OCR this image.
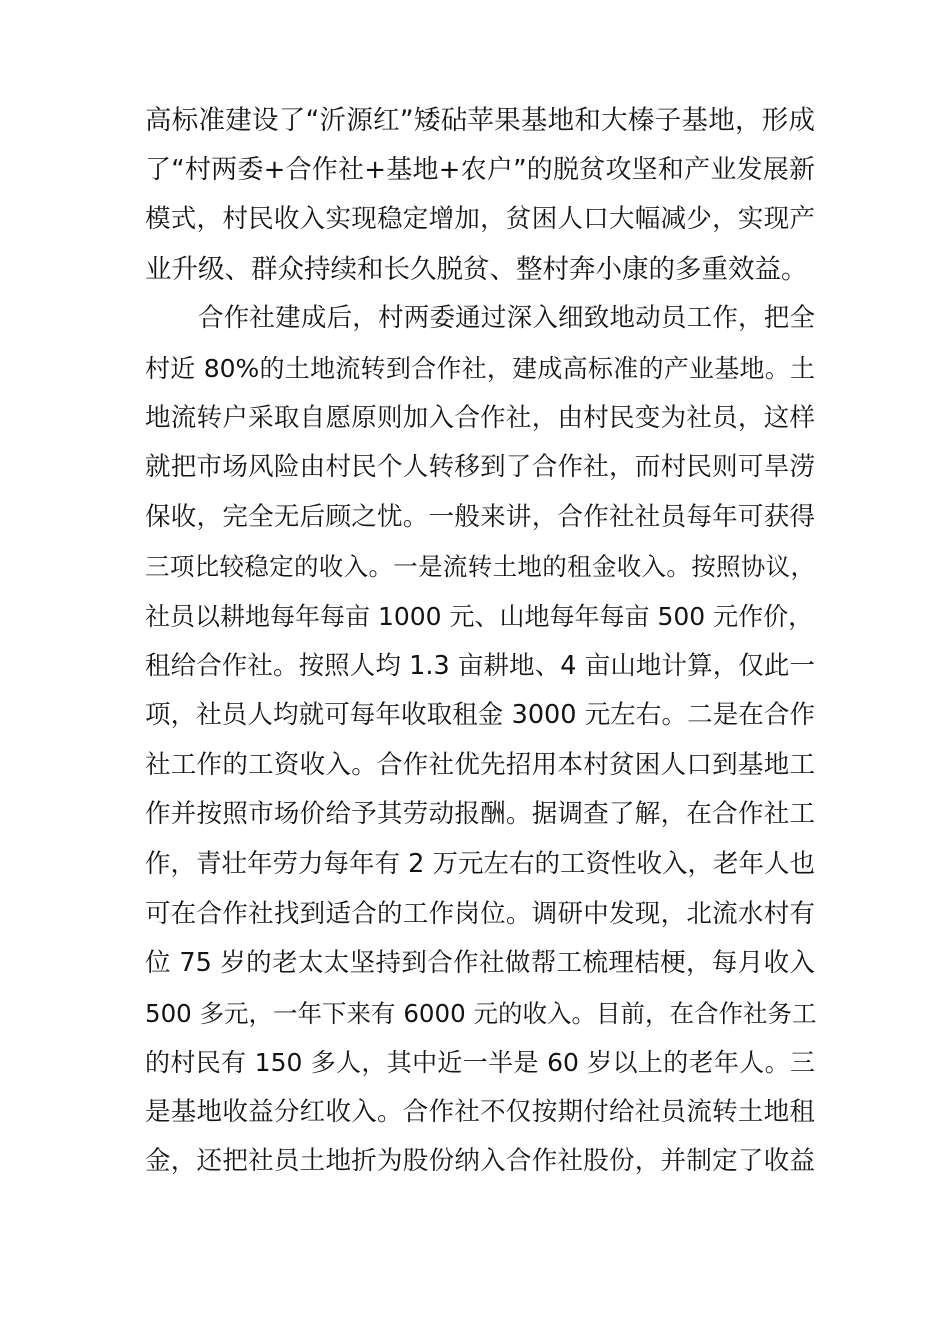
高标准建设了“沂源红”矮砧苹果基地和大榛子基地，形成
了“村两委+合作社+基地+农户”的脱贫攻坚和产业发展新
模式，村民收入实现稳定增加，贫困人口大幅减少，实现产
业升级、群众持续和长久脱贫、整村奔小康的多重效益。
合作社建成后，村两委通过深入细致地动员工作，把全
村近 80%的土地流转到合作社，建成高标准的产业基地。土
地流转户采取自愿原则加入合作社，由村民变为社员，这样
就把市场风险由村民个人转移到了合作社，而村民则可旱涝
保收，完全无后顾之忧。一般来讲，合作社社员每年可获得
三项比较稳定的收入。一是流转土地的租金收入。按照协议，
社员以耕地每年每亩 1000 元、山地每年每亩 500 元作价，
租给合作社。按照人均 1.3 亩耕地、4 亩山地计算，仅此一
项，社员人均就可每年收取租金 3000 元左右。二是在合作
社工作的工资收入。合作社优先招用本村贫困人口到基地工
作并按照市场价给予其劳动报酬。据调查了解，在合作社工
作，青壮年劳力每年有 2 万元左右的工资性收入，老年人也
可在合作社找到适合的工作岗位。调研中发现，北流水村有
位 75 岁的老太太坚持到合作社做帮工梳理桔梗，每月收入
500 多元，一年下来有 6000 元的收入。目前，在合作社务工
的村民有 150 多人，其中近一半是 60 岁以上的老年人。三
是基地收益分红收入。合作社不仅按期付给社员流转土地租
金，还把社员土地折为股份纳入合作社股份，并制定了收益
